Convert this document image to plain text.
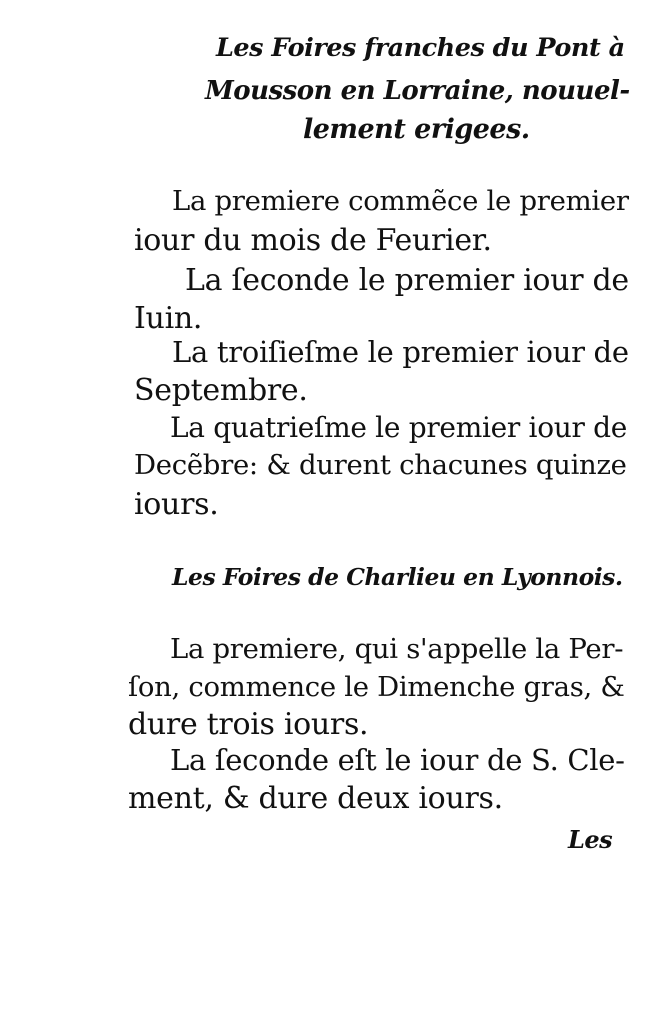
Les Foires franches du Pont à
Mousson en Lorraine, nouuel-
lement erigees.
La premiere commẽce le premier
iour du mois de Feurier.
La ſeconde le premier iour de
Iuin.
La troiſieſme le premier iour de
Septembre.
La quatrieſme le premier iour de
Decẽbre: & durent chacunes quinze
iours.
Les Foires de Charlieu en Lyonnois.
La premiere, qui s'appelle la Per-
ſon, commence le Dimenche gras, &
dure trois iours.
La ſeconde eſt le iour de S. Cle-
ment, & dure deux iours.
Les
